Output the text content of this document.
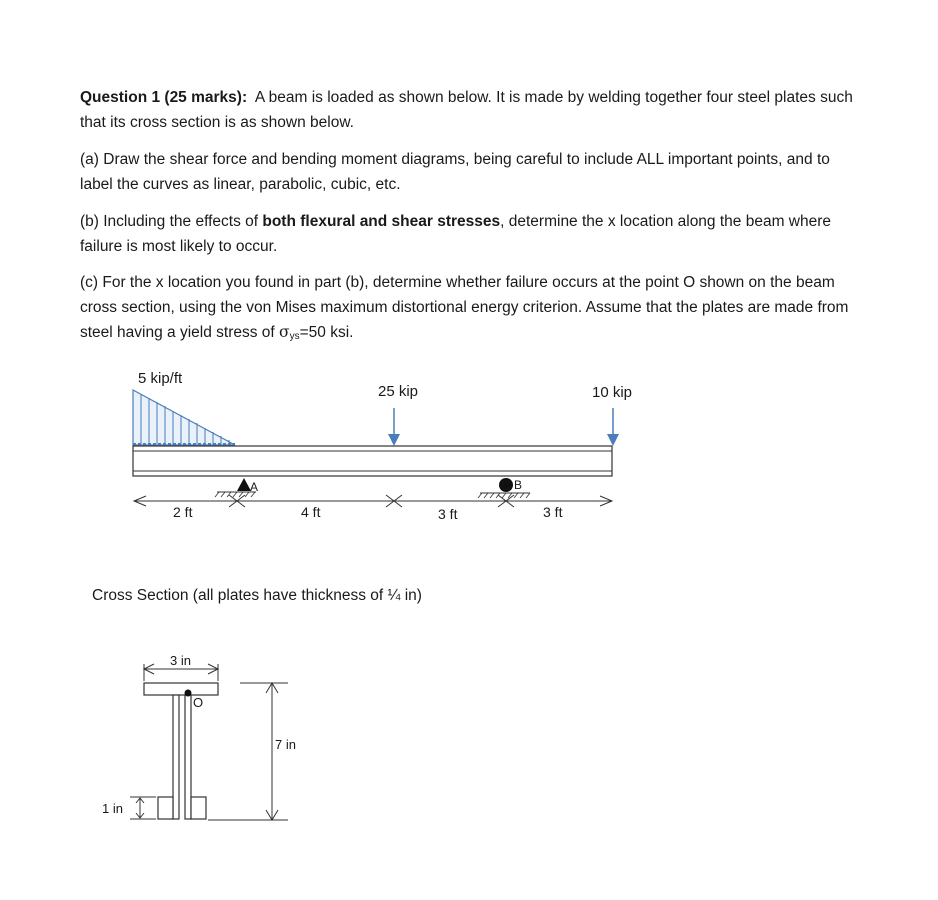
Question 1 (25 marks): A beam is loaded as shown below. It is made by welding together four steel plates such that its cross section is as shown below.
(a) Draw the shear force and bending moment diagrams, being careful to include ALL important points, and to label the curves as linear, parabolic, cubic, etc.
(b) Including the effects of both flexural and shear stresses, determine the x location along the beam where failure is most likely to occur.
(c) For the x location you found in part (b), determine whether failure occurs at the point O shown on the beam cross section, using the von Mises maximum distortional energy criterion. Assume that the plates are made from steel having a yield stress of $\sigma_{ys}=50$ ksi.
5 kip/ft
25 kip	10 kip
A	B
2 ft	4 ft	3 ft	3 ft
Cross Section (all plates have thickness of ¼ in)
O
3 in
7 in
1 in
